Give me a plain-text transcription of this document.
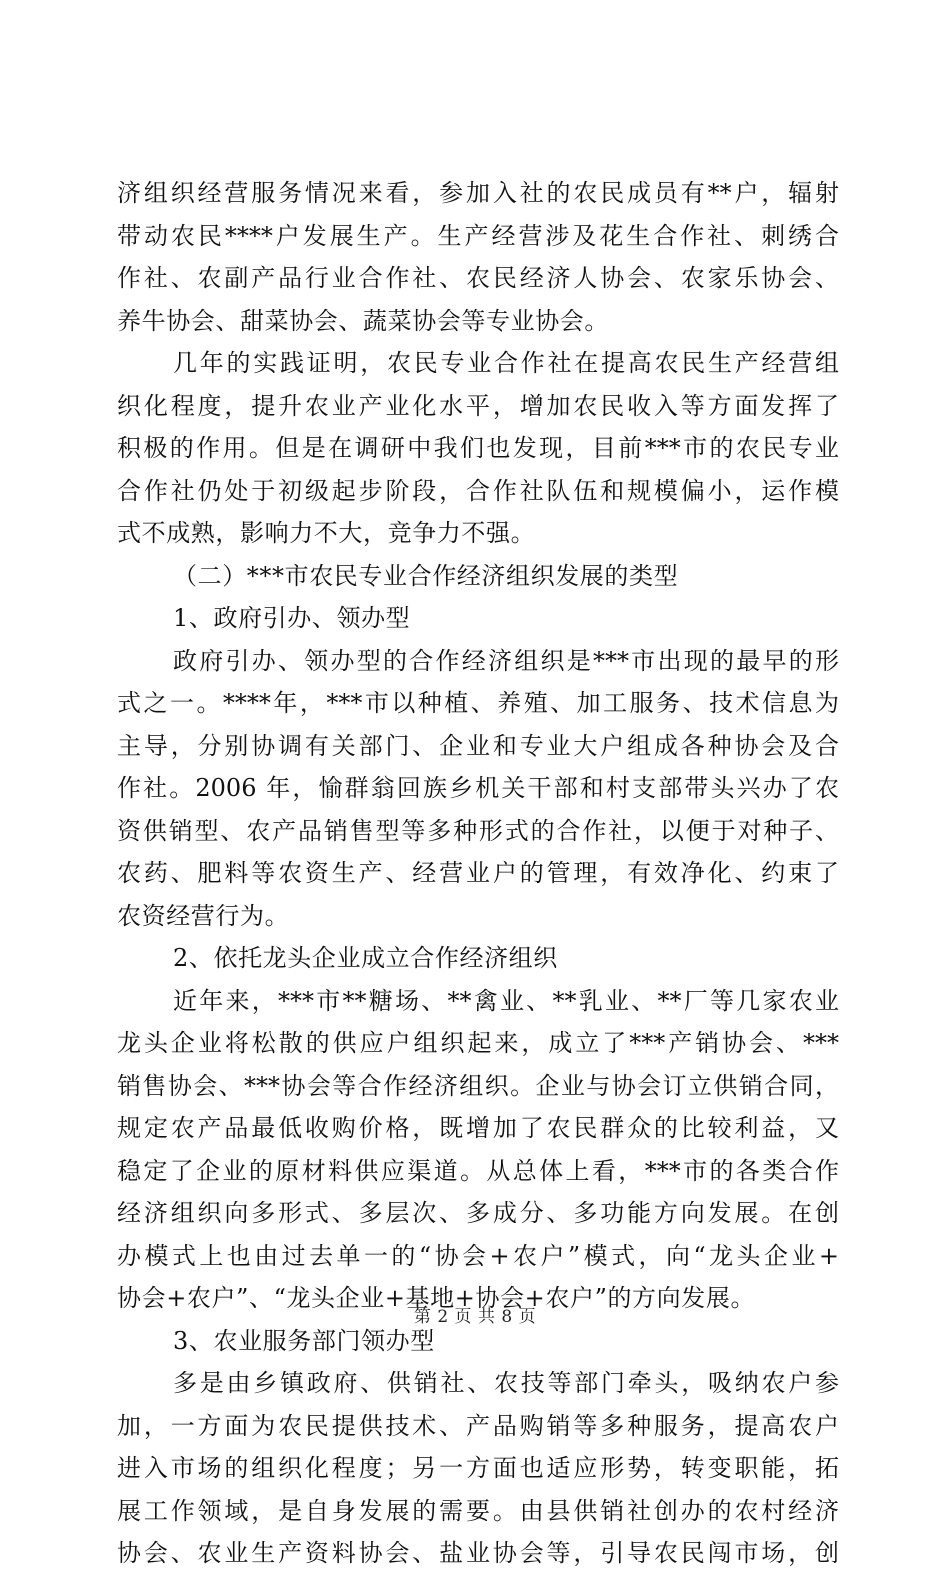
济组织经营服务情况来看，参加入社的农民成员有**户，辐射
带动农民****户发展生产。生产经营涉及花生合作社、刺绣合
作社、农副产品行业合作社、农民经济人协会、农家乐协会、
养牛协会、甜菜协会、蔬菜协会等专业协会。
几年的实践证明，农民专业合作社在提高农民生产经营组
织化程度，提升农业产业化水平，增加农民收入等方面发挥了
积极的作用。但是在调研中我们也发现，目前***市的农民专业
合作社仍处于初级起步阶段，合作社队伍和规模偏小，运作模
式不成熟，影响力不大，竞争力不强。
（二）***市农民专业合作经济组织发展的类型
1、政府引办、领办型
政府引办、领办型的合作经济组织是***市出现的最早的形
式之一。****年，***市以种植、养殖、加工服务、技术信息为
主导，分别协调有关部门、企业和专业大户组成各种协会及合
作社。2006 年，愉群翁回族乡机关干部和村支部带头兴办了农
资供销型、农产品销售型等多种形式的合作社，以便于对种子、
农药、肥料等农资生产、经营业户的管理，有效净化、约束了
农资经营行为。
2、依托龙头企业成立合作经济组织
近年来，***市**糖场、**禽业、**乳业、**厂等几家农业
龙头企业将松散的供应户组织起来，成立了***产销协会、***
销售协会、***协会等合作经济组织。企业与协会订立供销合同，
规定农产品最低收购价格，既增加了农民群众的比较利益，又
稳定了企业的原材料供应渠道。从总体上看，***市的各类合作
经济组织向多形式、多层次、多成分、多功能方向发展。在创
办模式上也由过去单一的“协会+农户”模式，向“龙头企业+
协会+农户”、“龙头企业+基地+协会+农户”的方向发展。
3、农业服务部门领办型
多是由乡镇政府、供销社、农技等部门牵头，吸纳农户参
加，一方面为农民提供技术、产品购销等多种服务，提高农户
进入市场的组织化程度；另一方面也适应形势，转变职能，拓
展工作领域，是自身发展的需要。由县供销社创办的农村经济
协会、农业生产资料协会、盐业协会等，引导农民闯市场，创
第 2 页 共 8 页
